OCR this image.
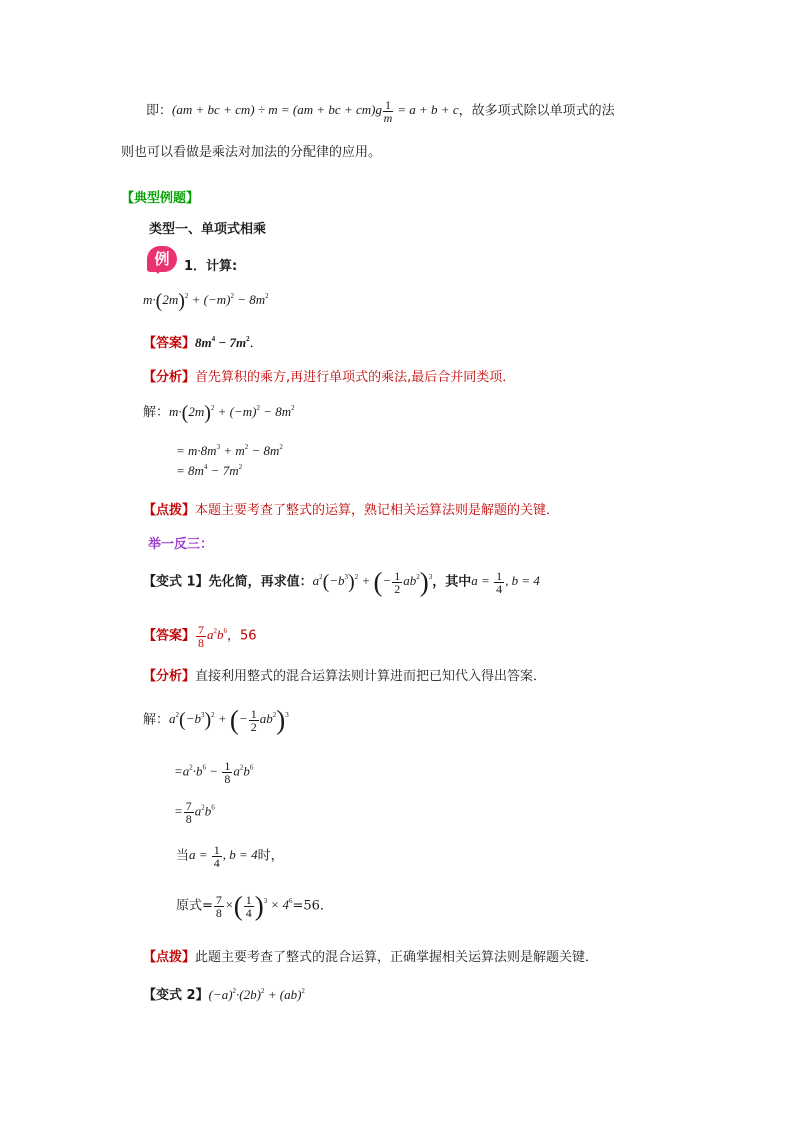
即：(am + bc + cm) ÷ m = (am + bc + $cm)g \frac{1}{m} = a + b + c$，故多项式除以单项式的法
则也可以看做是乘法对加法的分配律的应用。
【典型例题】
类型一、单项式相乘
例	1．计算:
$m\cdot(2m)^2 + (-m)^2 - 8m^2$
【答案】$8m^4 - 7m^2$．
【分析】首先算积的乘方,再进行单项式的乘法,最后合并同类项．
解：$m\cdot(2m)^2 + (-m)^2 - 8m^2$
= $m\cdot 8m^3 + m^2 - 8m^2$
= $8m^4 - 7m^2$
【点拨】本题主要考查了整式的运算，熟记相关运算法则是解题的关键．
举一反三：
【变式 1】先化简，再求值：$a^2(-b^3)^2$ + (− $\frac{1}{2} ab^2)^3$，其中$a = \frac{1}{4}$ , b = 4
【答案】 $\frac{7}{8} a^2b^6$，56
【分析】直接利用整式的混合运算法则计算进而把已知代入得出答案．
解：$a^2(-b^3)^2$ + (− $\frac{1}{2} ab^2)^3$
$=a^2\cdot b^6 - \frac{1}{8} a^2b^6$
= $\frac{7}{8} a^2b^6$
当$a = \frac{1}{4}$ , b = 4时，
原式= $\frac{7}{8}$ ×( $\frac{1}{4} )^3 \times 4^6=56$．
【点拨】此题主要考查了整式的混合运算，正确掌握相关运算法则是解题关键．
【变式 2】$(-a)^2\cdot(2b)^2 + (ab)^2$
